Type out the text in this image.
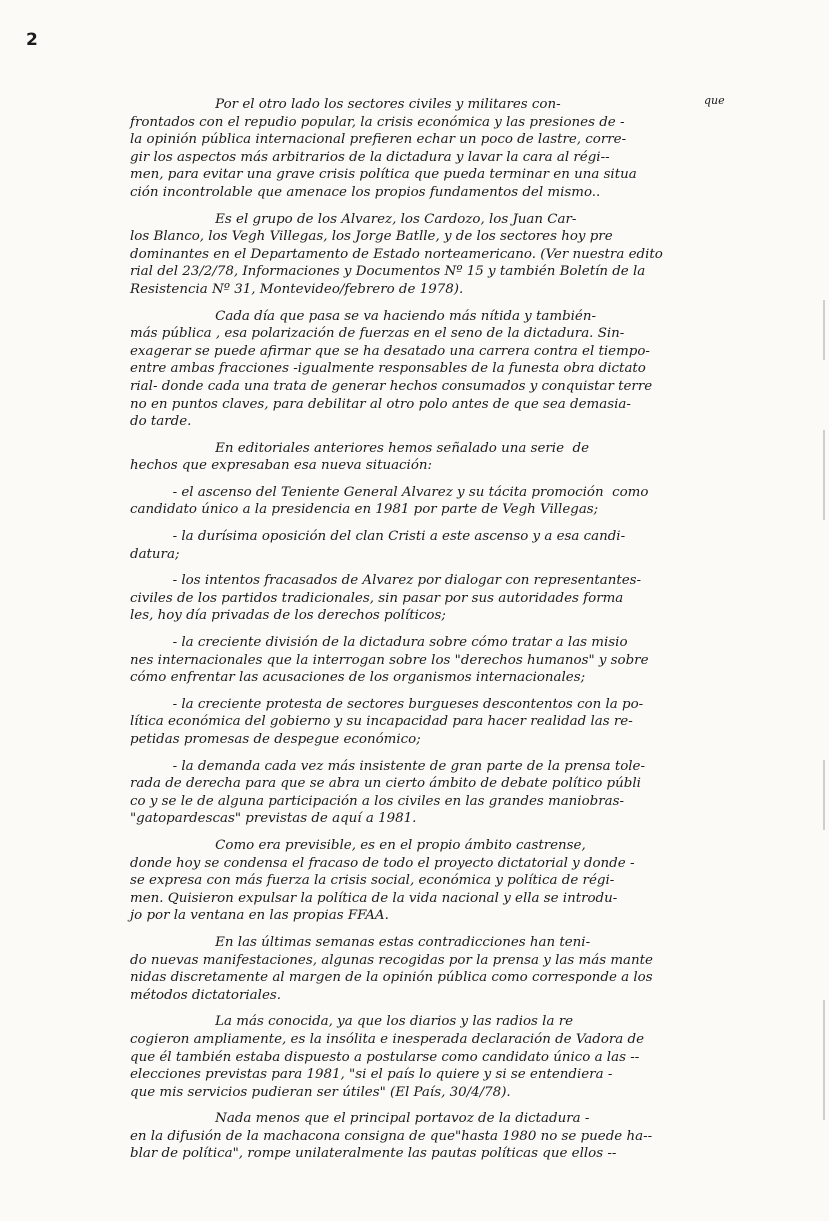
2
que
Por el otro lado los sectores civiles y militares con-
frontados con el repudio popular, la crisis económica y las presiones de -
la opinión pública internacional prefieren echar un poco de lastre, corre-
gir los aspectos más arbitrarios de la dictadura y lavar la cara al régi--
men, para evitar una grave crisis política que pueda terminar en una situa
ción incontrolable que amenace los propios fundamentos del mismo..
Es el grupo de los Alvarez, los Cardozo, los Juan Car-
los Blanco, los Vegh Villegas, los Jorge Batlle, y de los sectores hoy pre
dominantes en el Departamento de Estado norteamericano. (Ver nuestra edito
rial del 23/2/78, Informaciones y Documentos Nº 15 y también Boletín de la
Resistencia Nº 31, Montevideo/febrero de 1978).
Cada día que pasa se va haciendo más nítida y también-
más pública , esa polarización de fuerzas en el seno de la dictadura. Sin-
exagerar se puede afirmar que se ha desatado una carrera contra el tiempo-
entre ambas fracciones -igualmente responsables de la funesta obra dictato
rial- donde cada una trata de generar hechos consumados y conquistar terre
no en puntos claves, para debilitar al otro polo antes de que sea demasia-
do tarde.
En editoriales anteriores hemos señalado una serie  de
hechos que expresaban esa nueva situación:
- el ascenso del Teniente General Alvarez y su tácita promoción  como
candidato único a la presidencia en 1981 por parte de Vegh Villegas;
- la durísima oposición del clan Cristi a este ascenso y a esa candi-
datura;
- los intentos fracasados de Alvarez por dialogar con representantes-
civiles de los partidos tradicionales, sin pasar por sus autoridades forma
les, hoy día privadas de los derechos políticos;
- la creciente división de la dictadura sobre cómo tratar a las misio
nes internacionales que la interrogan sobre los "derechos humanos" y sobre
cómo enfrentar las acusaciones de los organismos internacionales;
- la creciente protesta de sectores burgueses descontentos con la po-
lítica económica del gobierno y su incapacidad para hacer realidad las re-
petidas promesas de despegue económico;
- la demanda cada vez más insistente de gran parte de la prensa tole-
rada de derecha para que se abra un cierto ámbito de debate político públi
co y se le de alguna participación a los civiles en las grandes maniobras-
"gatopardescas" previstas de aquí a 1981.
Como era previsible, es en el propio ámbito castrense,
donde hoy se condensa el fracaso de todo el proyecto dictatorial y donde -
se expresa con más fuerza la crisis social, económica y política de régi-
men. Quisieron expulsar la política de la vida nacional y ella se introdu-
jo por la ventana en las propias FFAA.
En las últimas semanas estas contradicciones han teni-
do nuevas manifestaciones, algunas recogidas por la prensa y las más mante
nidas discretamente al margen de la opinión pública como corresponde a los
métodos dictatoriales.
La más conocida, ya que los diarios y las radios la re
cogieron ampliamente, es la insólita e inesperada declaración de Vadora de
que él también estaba dispuesto a postularse como candidato único a las --
elecciones previstas para 1981, "si el país lo quiere y si se entendiera -
que mis servicios pudieran ser útiles" (El País, 30/4/78).
Nada menos que el principal portavoz de la dictadura -
en la difusión de la machacona consigna de que"hasta 1980 no se puede ha--
blar de política", rompe unilateralmente las pautas políticas que ellos --
